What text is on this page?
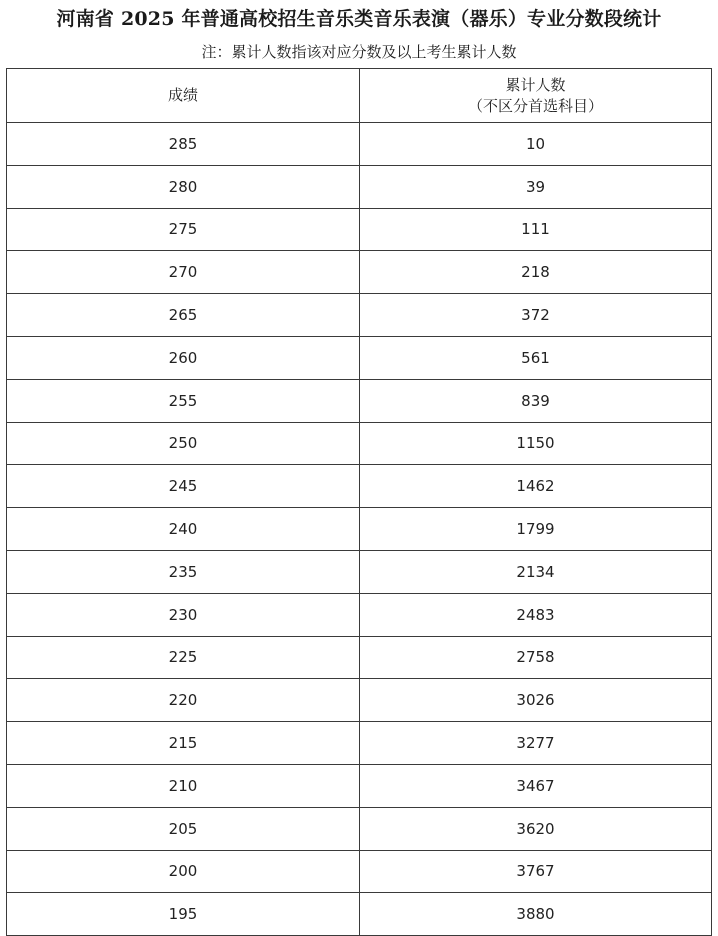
河南省 2025 年普通高校招生音乐类音乐表演（器乐）专业分数段统计
注：累计人数指该对应分数及以上考生累计人数
成绩	累计人数
（不区分首选科目）

285	10
280	39
275	111
270	218
265	372
260	561
255	839
250	1150
245	1462
240	1799
235	2134
230	2483
225	2758
220	3026
215	3277
210	3467
205	3620
200	3767
195	3880
